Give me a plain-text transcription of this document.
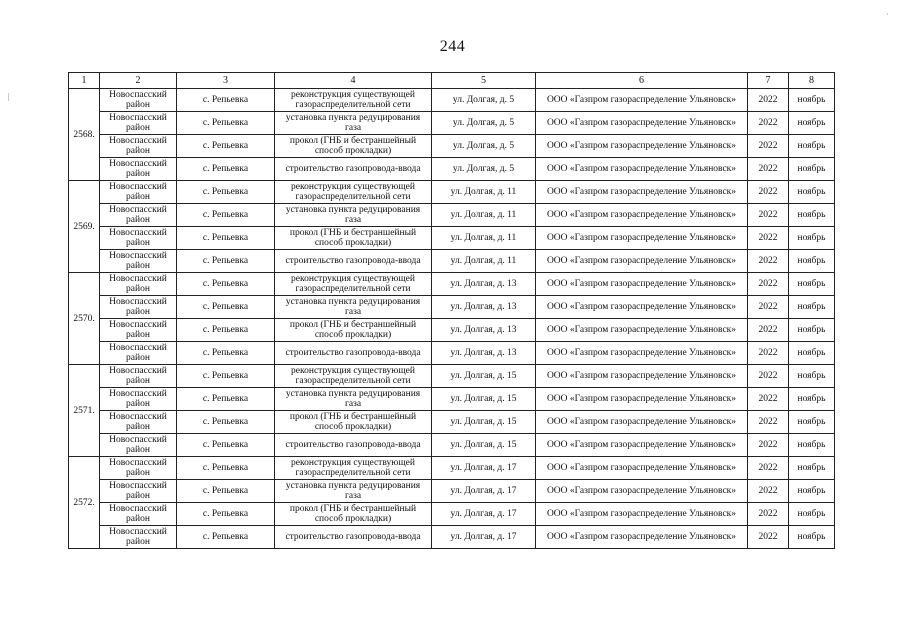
244
1	2	3	4	5	6	7	8
2568.	Новоспасский район	с. Репьевка	реконструкция существующей газораспределительной сети	ул. Долгая, д. 5	ООО «Газпром газораспределение Ульяновск»	2022	ноябрь
	Новоспасский район	с. Репьевка	установка пункта редуцирования газа	ул. Долгая, д. 5	ООО «Газпром газораспределение Ульяновск»	2022	ноябрь
	Новоспасский район	с. Репьевка	прокол (ГНБ и бестраншейный способ прокладки)	ул. Долгая, д. 5	ООО «Газпром газораспределение Ульяновск»	2022	ноябрь
	Новоспасский район	с. Репьевка	строительство газопровода-ввода	ул. Долгая, д. 5	ООО «Газпром газораспределение Ульяновск»	2022	ноябрь
2569.	Новоспасский район	с. Репьевка	реконструкция существующей газораспределительной сети	ул. Долгая, д. 11	ООО «Газпром газораспределение Ульяновск»	2022	ноябрь
	Новоспасский район	с. Репьевка	установка пункта редуцирования газа	ул. Долгая, д. 11	ООО «Газпром газораспределение Ульяновск»	2022	ноябрь
	Новоспасский район	с. Репьевка	прокол (ГНБ и бестраншейный способ прокладки)	ул. Долгая, д. 11	ООО «Газпром газораспределение Ульяновск»	2022	ноябрь
	Новоспасский район	с. Репьевка	строительство газопровода-ввода	ул. Долгая, д. 11	ООО «Газпром газораспределение Ульяновск»	2022	ноябрь
2570.	Новоспасский район	с. Репьевка	реконструкция существующей газораспределительной сети	ул. Долгая, д. 13	ООО «Газпром газораспределение Ульяновск»	2022	ноябрь
	Новоспасский район	с. Репьевка	установка пункта редуцирования газа	ул. Долгая, д. 13	ООО «Газпром газораспределение Ульяновск»	2022	ноябрь
	Новоспасский район	с. Репьевка	прокол (ГНБ и бестраншейный способ прокладки)	ул. Долгая, д. 13	ООО «Газпром газораспределение Ульяновск»	2022	ноябрь
	Новоспасский район	с. Репьевка	строительство газопровода-ввода	ул. Долгая, д. 13	ООО «Газпром газораспределение Ульяновск»	2022	ноябрь
2571.	Новоспасский район	с. Репьевка	реконструкция существующей газораспределительной сети	ул. Долгая, д. 15	ООО «Газпром газораспределение Ульяновск»	2022	ноябрь
	Новоспасский район	с. Репьевка	установка пункта редуцирования газа	ул. Долгая, д. 15	ООО «Газпром газораспределение Ульяновск»	2022	ноябрь
	Новоспасский район	с. Репьевка	прокол (ГНБ и бестраншейный способ прокладки)	ул. Долгая, д. 15	ООО «Газпром газораспределение Ульяновск»	2022	ноябрь
	Новоспасский район	с. Репьевка	строительство газопровода-ввода	ул. Долгая, д. 15	ООО «Газпром газораспределение Ульяновск»	2022	ноябрь
2572.	Новоспасский район	с. Репьевка	реконструкция существующей газораспределительной сети	ул. Долгая, д. 17	ООО «Газпром газораспределение Ульяновск»	2022	ноябрь
	Новоспасский район	с. Репьевка	установка пункта редуцирования газа	ул. Долгая, д. 17	ООО «Газпром газораспределение Ульяновск»	2022	ноябрь
	Новоспасский район	с. Репьевка	прокол (ГНБ и бестраншейный способ прокладки)	ул. Долгая, д. 17	ООО «Газпром газораспределение Ульяновск»	2022	ноябрь
	Новоспасский район	с. Репьевка	строительство газопровода-ввода	ул. Долгая, д. 17	ООО «Газпром газораспределение Ульяновск»	2022	ноябрь
·
|
